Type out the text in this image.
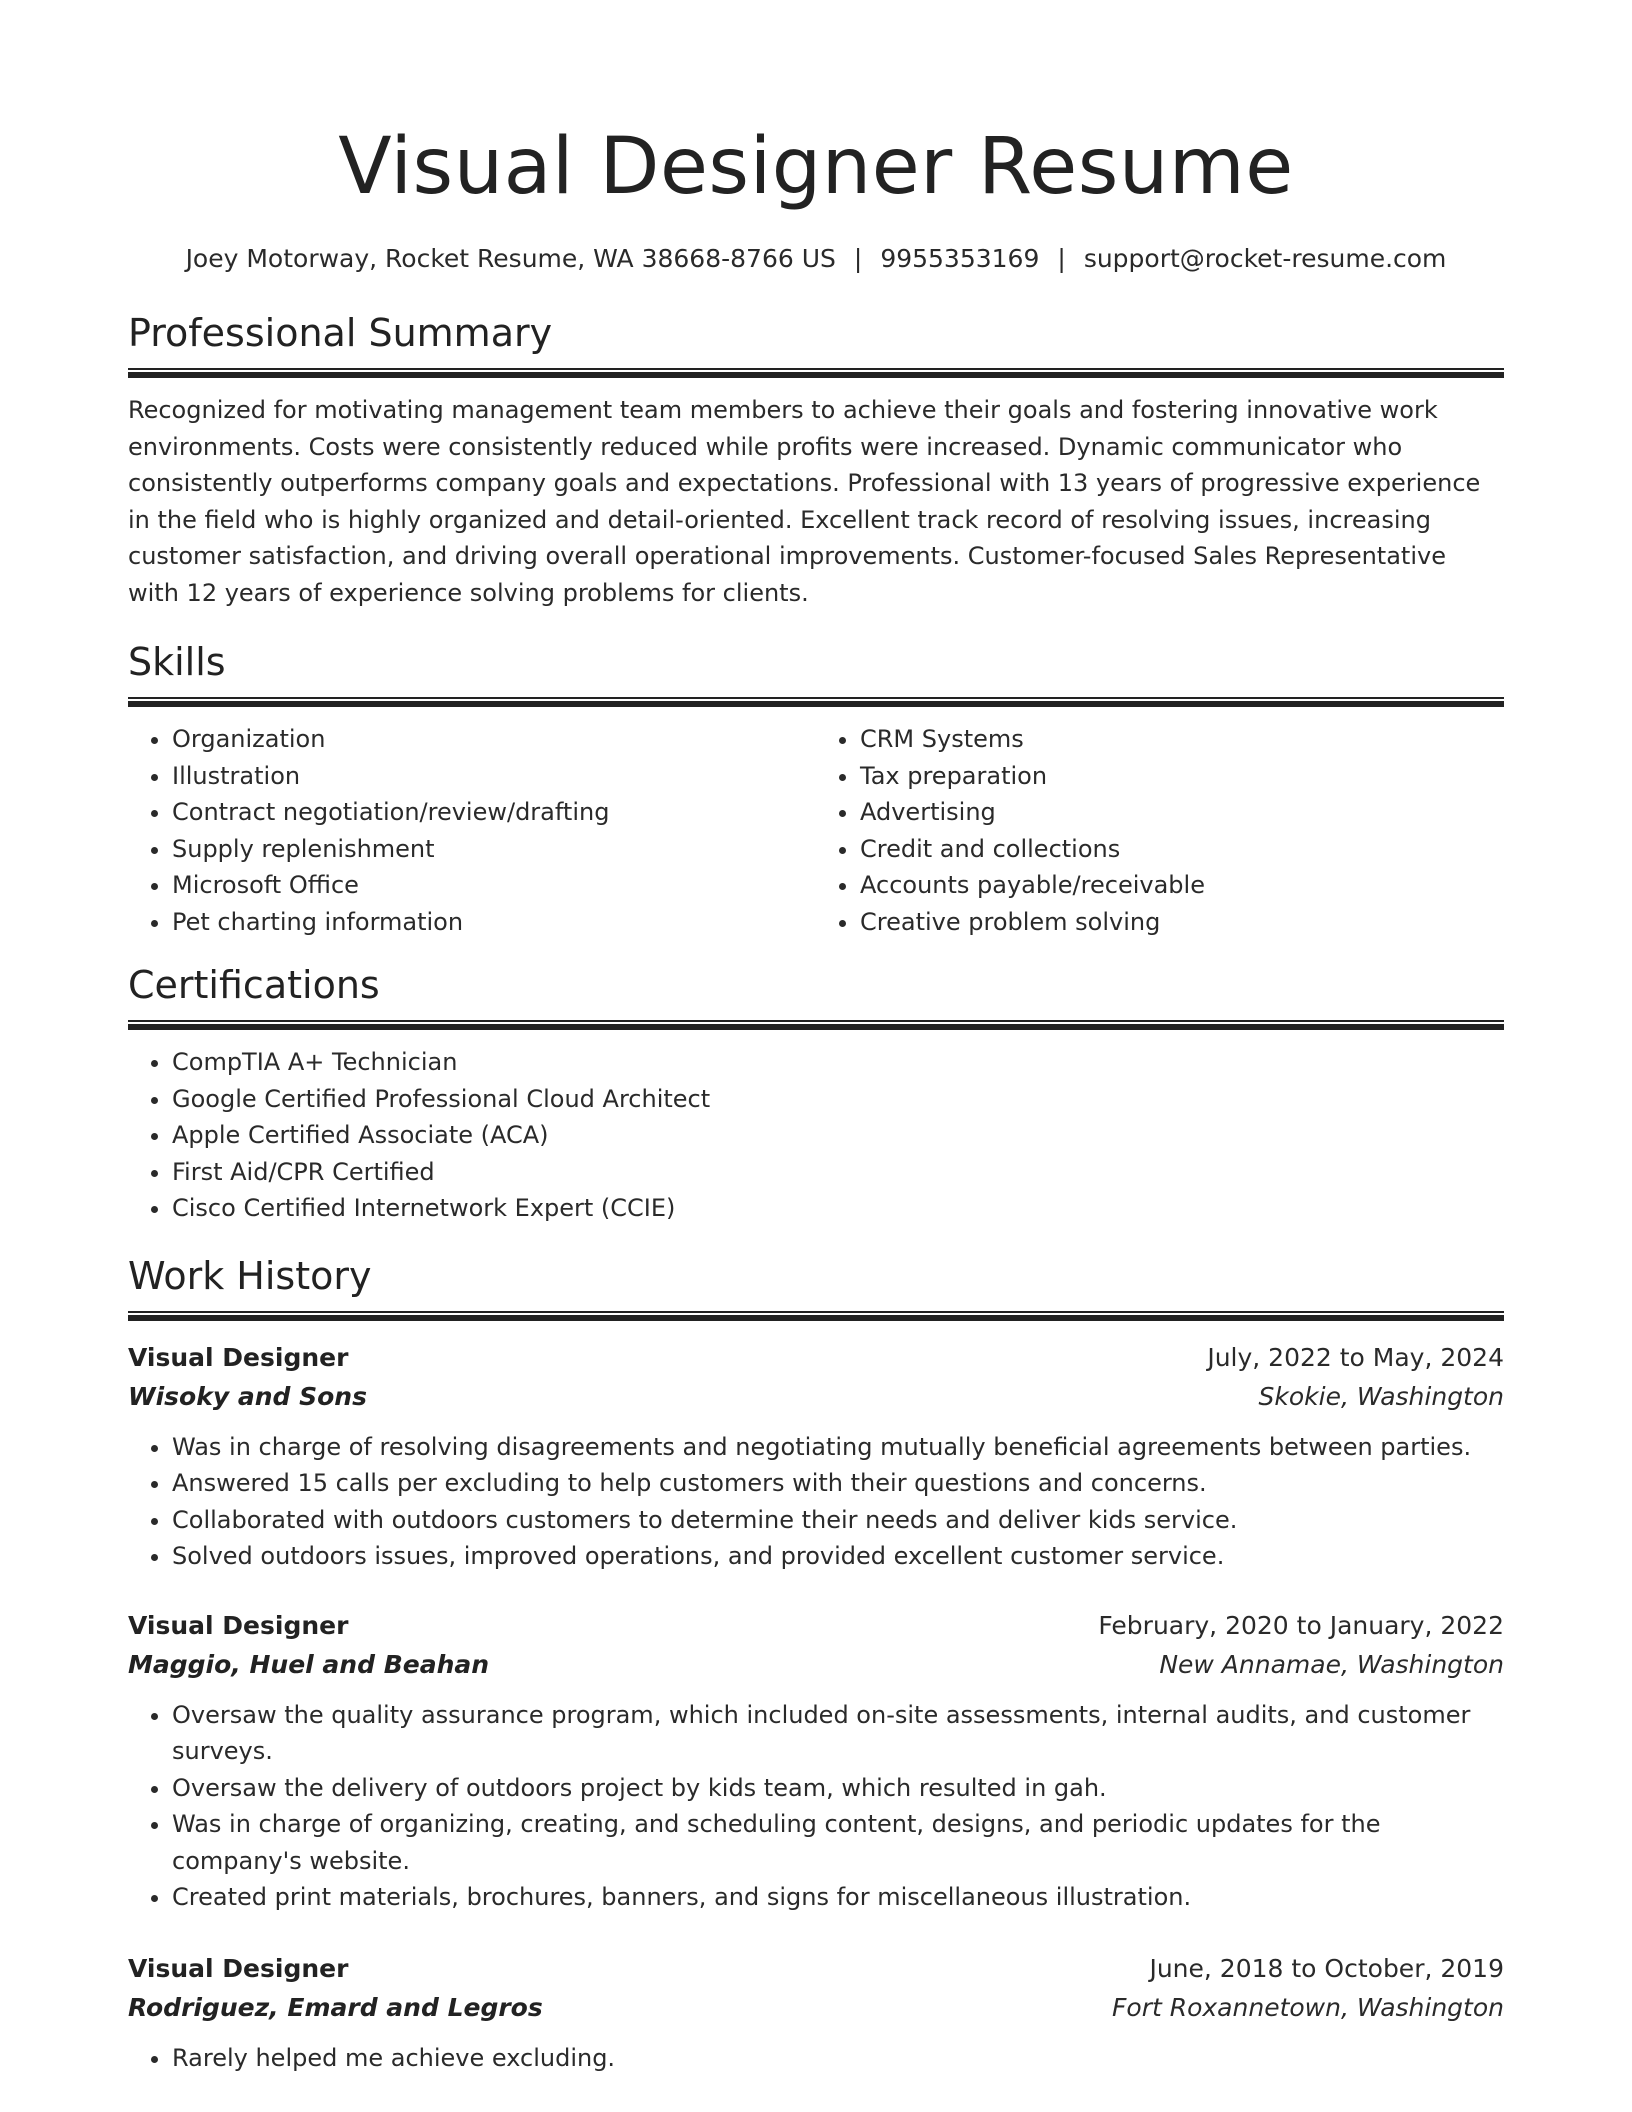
Visual Designer Resume
Joey Motorway, Rocket Resume, WA 38668-8766 US | 9955353169 | support@rocket-resume.com
Professional Summary

Recognized for motivating management team members to achieve their goals and fostering innovative work environments. Costs were consistently reduced while profits were increased. Dynamic communicator who consistently outperforms company goals and expectations. Professional with 13 years of progressive experience in the field who is highly organized and detail-oriented. Excellent track record of resolving issues, increasing customer satisfaction, and driving overall operational improvements. Customer-focused Sales Representative with 12 years of experience solving problems for clients.

Skills
• Organization
• Illustration
• Contract negotiation/review/drafting
• Supply replenishment
• Microsoft Office
• Pet charting information
• CRM Systems
• Tax preparation
• Advertising
• Credit and collections
• Accounts payable/receivable
• Creative problem solving
Certifications
• CompTIA A+ Technician
• Google Certified Professional Cloud Architect
• Apple Certified Associate (ACA)
• First Aid/CPR Certified
• Cisco Certified Internetwork Expert (CCIE)
Work History
Visual Designer	July, 2022 to May, 2024
Wisoky and Sons	Skokie, Washington
• Was in charge of resolving disagreements and negotiating mutually beneficial agreements between parties.
• Answered 15 calls per excluding to help customers with their questions and concerns.
• Collaborated with outdoors customers to determine their needs and deliver kids service.
• Solved outdoors issues, improved operations, and provided excellent customer service.
Visual Designer	February, 2020 to January, 2022
Maggio, Huel and Beahan	New Annamae, Washington
• Oversaw the quality assurance program, which included on-site assessments, internal audits, and customer surveys.
• Oversaw the delivery of outdoors project by kids team, which resulted in gah.
• Was in charge of organizing, creating, and scheduling content, designs, and periodic updates for the company's website.
• Created print materials, brochures, banners, and signs for miscellaneous illustration.
Visual Designer	June, 2018 to October, 2019
Rodriguez, Emard and Legros	Fort Roxannetown, Washington
• Rarely helped me achieve excluding.
